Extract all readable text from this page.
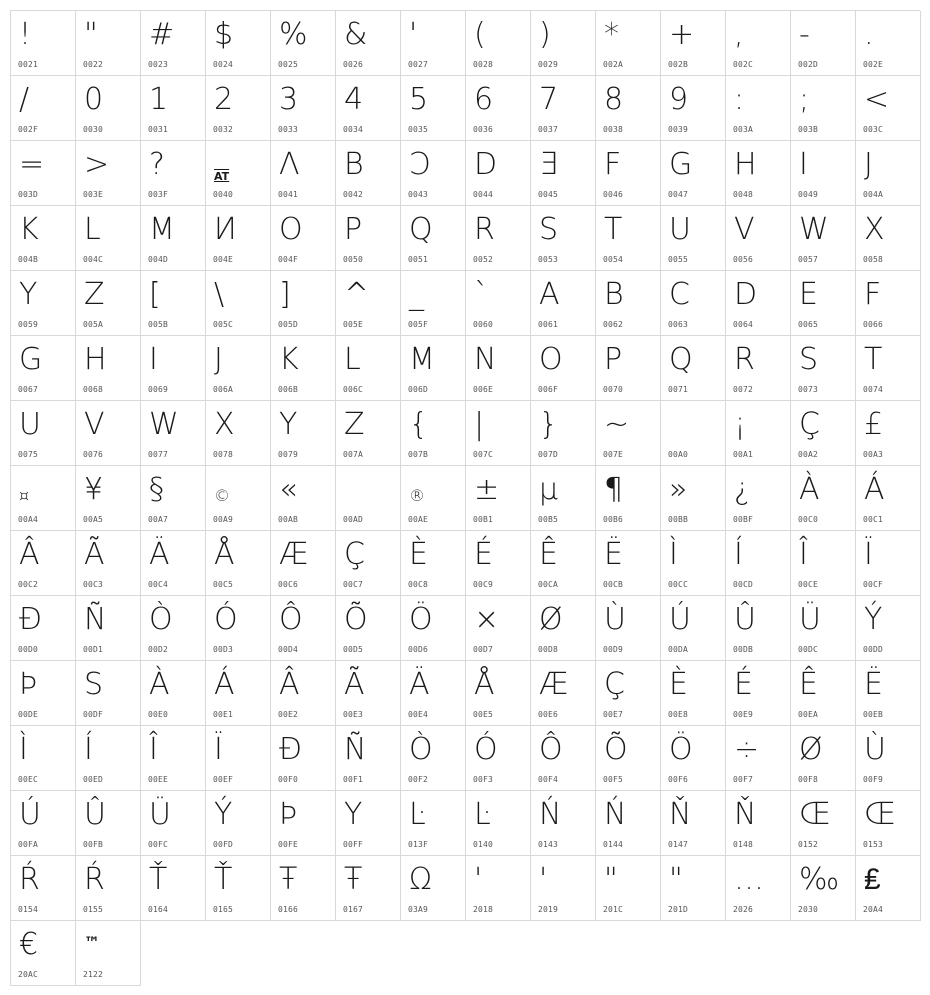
!
0021
"
0022
#
0023
$
0024
%
0025
&
0026
'
0027
(
0028
)
0029
*
002A
+
002B
,
002C
-
002D
.
002E
/
002F
0
0030
1
0031
2
0032
3
0033
4
0034
5
0035
6
0036
7
0037
8
0038
9
0039
:
003A
;
003B
<
003C
=
003D
>
003E
?
003F
AT
0040
Λ
0041
B
0042
Ͻ
0043
D
0044
Ǝ
0045
F
0046
G
0047
H
0048
I
0049
J
004A
K
004B
L
004C
M
004D
И
004E
O
004F
P
0050
Q
0051
R
0052
S
0053
T
0054
U
0055
V
0056
W
0057
X
0058
Y
0059
Z
005A
[
005B
\
005C
]
005D
^
005E
_
005F
`
0060
A
0061
B
0062
C
0063
D
0064
E
0065
F
0066
G
0067
H
0068
I
0069
J
006A
K
006B
L
006C
M
006D
N
006E
O
006F
P
0070
Q
0071
R
0072
S
0073
T
0074
U
0075
V
0076
W
0077
X
0078
Y
0079
Z
007A
{
007B
|
007C
}
007D
~
007E	00A0
¡
00A1
Ç
00A2
£
00A3
¤
00A4
¥
00A5
§
00A7
©
00A9
«
00AB	00AD
®
00AE
±
00B1
µ
00B5
¶
00B6
»
00BB
¿
00BF
À
00C0
Á
00C1
Â
00C2
Ã
00C3
Ä
00C4
Å
00C5
Æ
00C6
Ç
00C7
È
00C8
É
00C9
Ê
00CA
Ë
00CB
Ì
00CC
Í
00CD
Î
00CE
Ï
00CF
Đ
00D0
Ñ
00D1
Ò
00D2
Ó
00D3
Ô
00D4
Õ
00D5
Ö
00D6
×
00D7
Ø
00D8
Ù
00D9
Ú
00DA
Û
00DB
Ü
00DC
Ý
00DD
Þ
00DE
S
00DF
À
00E0
Á
00E1
Â
00E2
Ã
00E3
Ä
00E4
Å
00E5
Æ
00E6
Ç
00E7
È
00E8
É
00E9
Ê
00EA
Ë
00EB
Ì
00EC
Í
00ED
Î
00EE
Ï
00EF
Đ
00F0
Ñ
00F1
Ò
00F2
Ó
00F3
Ô
00F4
Õ
00F5
Ö
00F6
÷
00F7
Ø
00F8
Ù
00F9
Ú
00FA
Û
00FB
Ü
00FC
Ý
00FD
Þ
00FE
Y
00FF
Ŀ
013F
Ŀ
0140
Ń
0143
Ń
0144
Ň
0147
Ň
0148
Œ
0152
Œ
0153
Ŕ
0154
Ŕ
0155
Ť
0164
Ť
0165
Ŧ
0166
Ŧ
0167
Ω
03A9
'
2018
'
2019
"
201C
"
201D
…
2026
‰
2030
₤
20A4
€
20AC
™
2122
